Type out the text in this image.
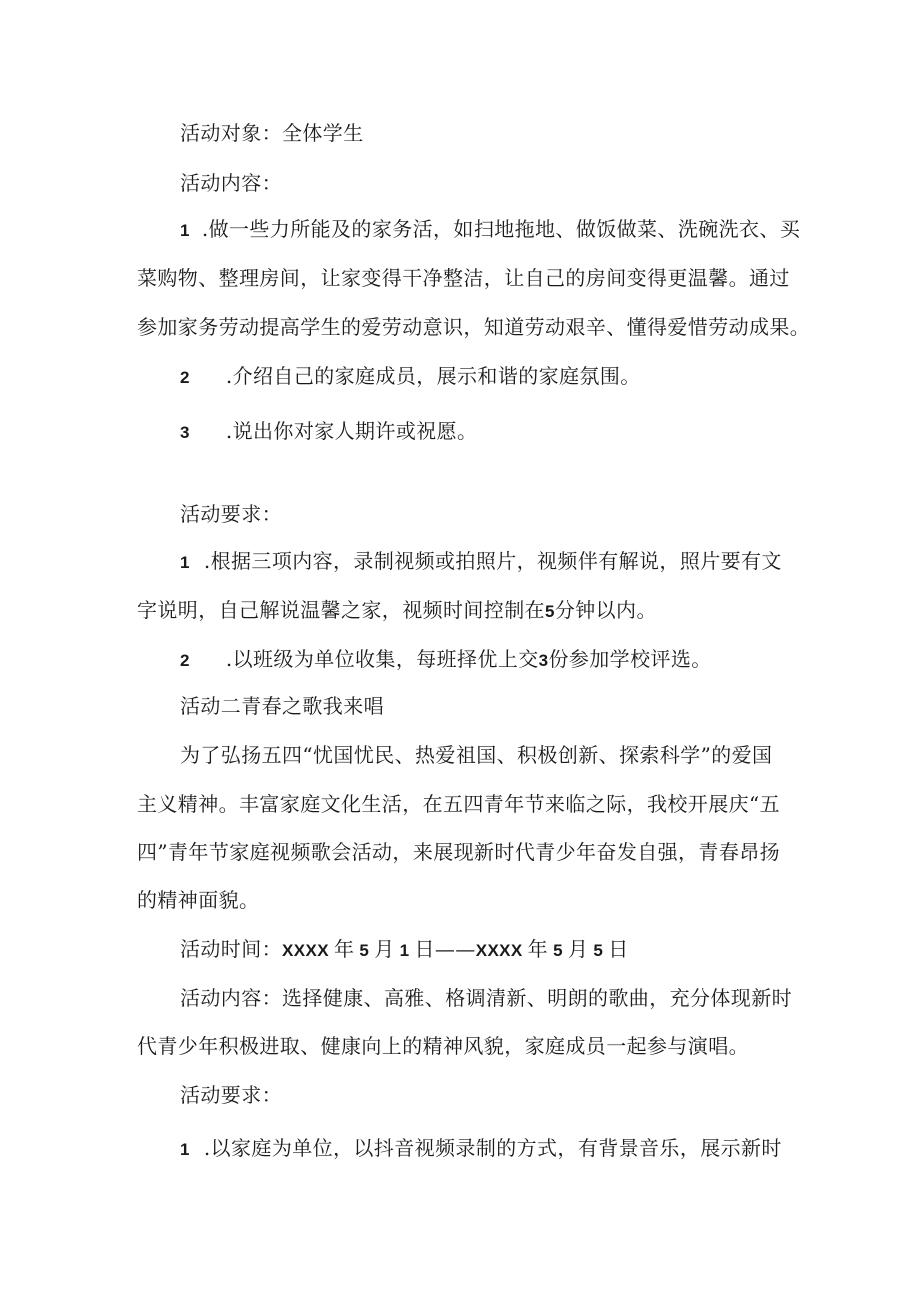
活动对象：全体学生
活动内容：
1 .做一些力所能及的家务活，如扫地拖地、做饭做菜、洗碗洗衣、买
菜购物、整理房间，让家变得干净整洁，让自己的房间变得更温馨。通过
参加家务劳动提高学生的爱劳动意识，知道劳动艰辛、懂得爱惜劳动成果。
2 .介绍自己的家庭成员，展示和谐的家庭氛围。
3 .说出你对家人期许或祝愿。
活动要求：
1 .根据三项内容，录制视频或拍照片，视频伴有解说，照片要有文
字说明，自己解说温馨之家，视频时间控制在5分钟以内。
2 .以班级为单位收集，每班择优上交3份参加学校评选。
活动二青春之歌我来唱
为了弘扬五四“忧国忧民、热爱祖国、积极创新、探索科学”的爱国
主义精神。丰富家庭文化生活，在五四青年节来临之际，我校开展庆“五
四”青年节家庭视频歌会活动，来展现新时代青少年奋发自强，青春昂扬
的精神面貌。
活动时间：XXXX 年 5 月 1 日——XXXX 年 5 月 5 日
活动内容：选择健康、高雅、格调清新、明朗的歌曲，充分体现新时
代青少年积极进取、健康向上的精神风貌，家庭成员一起参与演唱。
活动要求：
1 .以家庭为单位，以抖音视频录制的方式，有背景音乐，展示新时
